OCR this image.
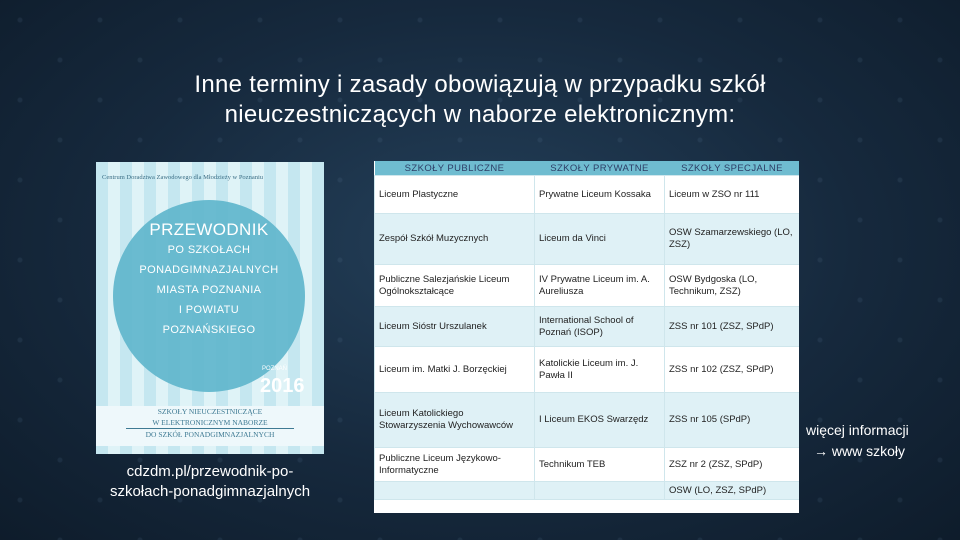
Inne terminy i zasady obowiązują w przypadku szkół
nieuczestniczących w naborze elektronicznym:
Centrum Doradztwa Zawodowego dla Młodzieży w Poznaniu
PRZEWODNIK
PO SZKOŁACH
PONADGIMNAZJALNYCH
MIASTA POZNANIA
I POWIATU
POZNAŃSKIEGO
POZNAŃ
2016
SZKOŁY NIEUCZESTNICZĄCE
W ELEKTRONICZNYM NABORZE
DO SZKÓŁ PONADGIMNAZJALNYCH
cdzdm.pl/przewodnik-po-
szkołach-ponadgimnazjalnych
SZKOŁY PUBLICZNE	SZKOŁY PRYWATNE	SZKOŁY SPECJALNE
Liceum Plastyczne	Prywatne Liceum Kossaka	Liceum w ZSO nr 111
Zespół Szkół Muzycznych	Liceum da Vinci	OSW Szamarzewskiego (LO, ZSZ)
Publiczne Salezjańskie Liceum Ogólnokształcące	IV Prywatne Liceum im. A. Aureliusza	OSW Bydgoska (LO, Technikum, ZSZ)
Liceum Sióstr Urszulanek	International School of Poznań (ISOP)	ZSS nr 101 (ZSZ, SPdP)
Liceum im. Matki J. Borzęckiej	Katolickie Liceum im. J. Pawła II	ZSS nr 102 (ZSZ, SPdP)
Liceum Katolickiego Stowarzyszenia Wychowawców	I Liceum EKOS Swarzędz	ZSS nr 105 (SPdP)
Publiczne Liceum Językowo-Informatyczne	Technikum TEB	ZSZ nr 2 (ZSZ, SPdP)
		OSW (LO, ZSZ, SPdP)
więcej informacji
→ www szkoły
